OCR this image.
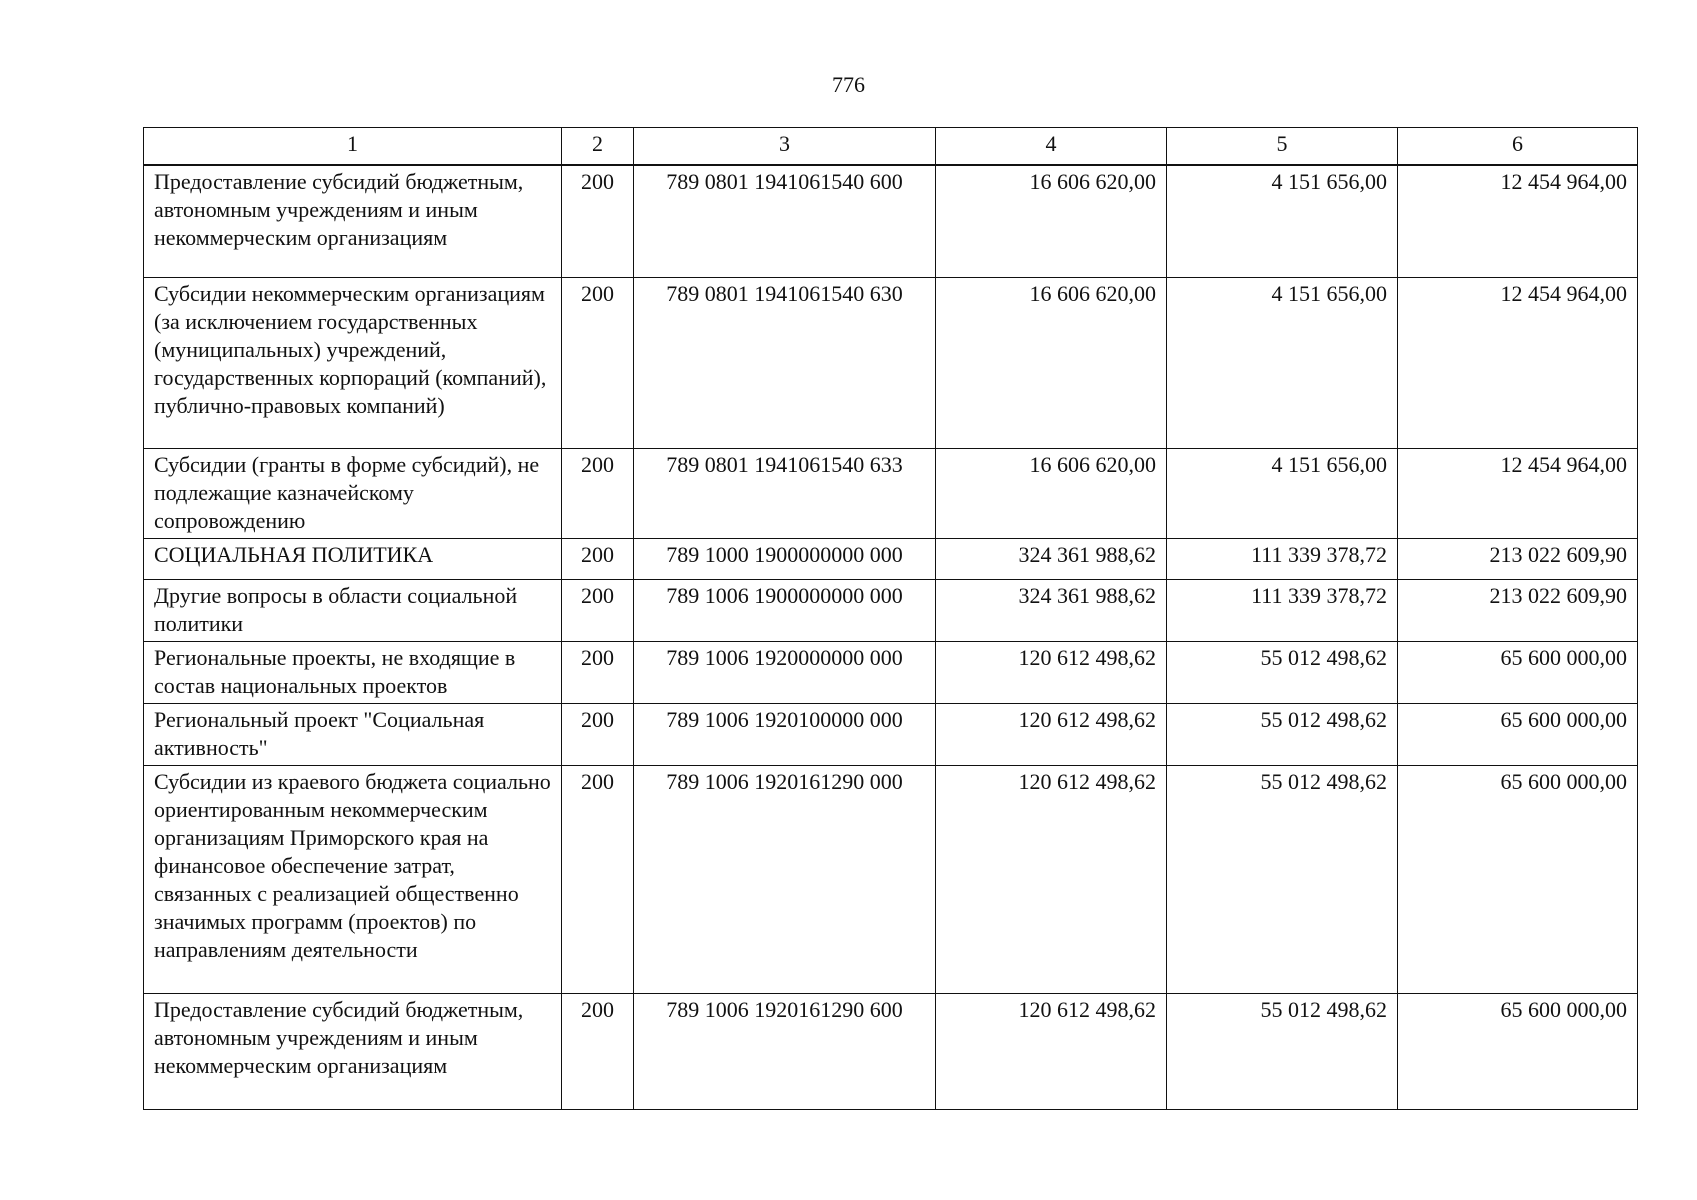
776
1	2	3	4	5	6
Предоставление субсидий бюджетным, автономным учреждениям и иным некоммерческим организациям	200	789 0801 1941061540 600	16 606 620,00	4 151 656,00	12 454 964,00
Субсидии некоммерческим организациям (за исключением государственных (муниципальных) учреждений, государственных корпораций (компаний), публично-правовых компаний)	200	789 0801 1941061540 630	16 606 620,00	4 151 656,00	12 454 964,00
Субсидии (гранты в форме субсидий), не подлежащие казначейскому сопровождению	200	789 0801 1941061540 633	16 606 620,00	4 151 656,00	12 454 964,00
СОЦИАЛЬНАЯ ПОЛИТИКА	200	789 1000 1900000000 000	324 361 988,62	111 339 378,72	213 022 609,90
Другие вопросы в области социальной политики	200	789 1006 1900000000 000	324 361 988,62	111 339 378,72	213 022 609,90
Региональные проекты, не входящие в состав национальных проектов	200	789 1006 1920000000 000	120 612 498,62	55 012 498,62	65 600 000,00
Региональный проект "Социальная активность"	200	789 1006 1920100000 000	120 612 498,62	55 012 498,62	65 600 000,00
Субсидии из краевого бюджета социально ориентированным некоммерческим организациям Приморского края на финансовое обеспечение затрат, связанных с реализацией общественно значимых программ (проектов) по направлениям деятельности	200	789 1006 1920161290 000	120 612 498,62	55 012 498,62	65 600 000,00
Предоставление субсидий бюджетным, автономным учреждениям и иным некоммерческим организациям	200	789 1006 1920161290 600	120 612 498,62	55 012 498,62	65 600 000,00
